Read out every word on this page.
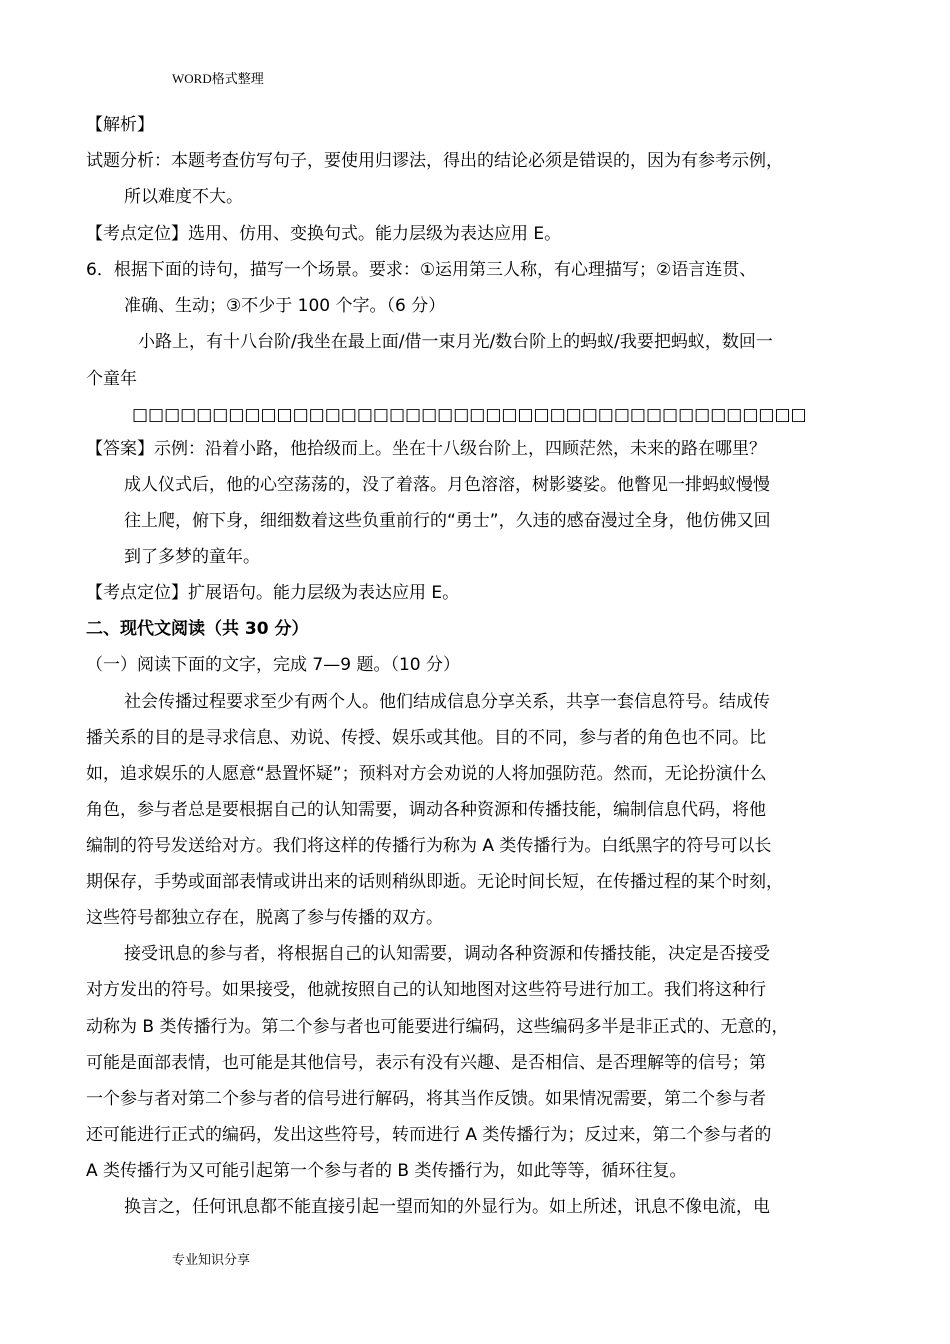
WORD格式整理
【解析】
试题分析：本题考查仿写句子，要使用归谬法，得出的结论必须是错误的，因为有参考示例，
所以难度不大。
【考点定位】选用、仿用、变换句式。能力层级为表达应用 E。
6．根据下面的诗句，描写一个场景。要求：①运用第三人称，有心理描写；②语言连贯、
准确、生动；③不少于 100 个字。（6 分）
小路上，有十八台阶/我坐在最上面/借一束月光/数台阶上的蚂蚁/我要把蚂蚁，数回一
个童年
□□□□□□□□□□□□□□□□□□□□□□□□□□□□□□□□□□□□□□□□□□
【答案】示例：沿着小路，他拾级而上。坐在十八级台阶上，四顾茫然，未来的路在哪里？
成人仪式后，他的心空荡荡的，没了着落。月色溶溶，树影婆娑。他瞥见一排蚂蚁慢慢
往上爬，俯下身，细细数着这些负重前行的“勇士”，久违的感奋漫过全身，他仿佛又回
到了多梦的童年。
【考点定位】扩展语句。能力层级为表达应用 E。
二、现代文阅读（共 30 分）
（一）阅读下面的文字，完成 7—9 题。（10 分）
社会传播过程要求至少有两个人。他们结成信息分享关系，共享一套信息符号。结成传
播关系的目的是寻求信息、劝说、传授、娱乐或其他。目的不同，参与者的角色也不同。比
如，追求娱乐的人愿意“悬置怀疑”；预料对方会劝说的人将加强防范。然而，无论扮演什么
角色，参与者总是要根据自己的认知需要，调动各种资源和传播技能，编制信息代码，将他
编制的符号发送给对方。我们将这样的传播行为称为 A 类传播行为。白纸黑字的符号可以长
期保存，手势或面部表情或讲出来的话则稍纵即逝。无论时间长短，在传播过程的某个时刻，
这些符号都独立存在，脱离了参与传播的双方。
接受讯息的参与者，将根据自己的认知需要，调动各种资源和传播技能，决定是否接受
对方发出的符号。如果接受，他就按照自己的认知地图对这些符号进行加工。我们将这种行
动称为 B 类传播行为。第二个参与者也可能要进行编码，这些编码多半是非正式的、无意的，
可能是面部表情，也可能是其他信号，表示有没有兴趣、是否相信、是否理解等的信号；第
一个参与者对第二个参与者的信号进行解码，将其当作反馈。如果情况需要，第二个参与者
还可能进行正式的编码，发出这些符号，转而进行 A 类传播行为；反过来，第二个参与者的
A 类传播行为又可能引起第一个参与者的 B 类传播行为，如此等等，循环往复。
换言之，任何讯息都不能直接引起一望而知的外显行为。如上所述，讯息不像电流，电
专业知识分享
